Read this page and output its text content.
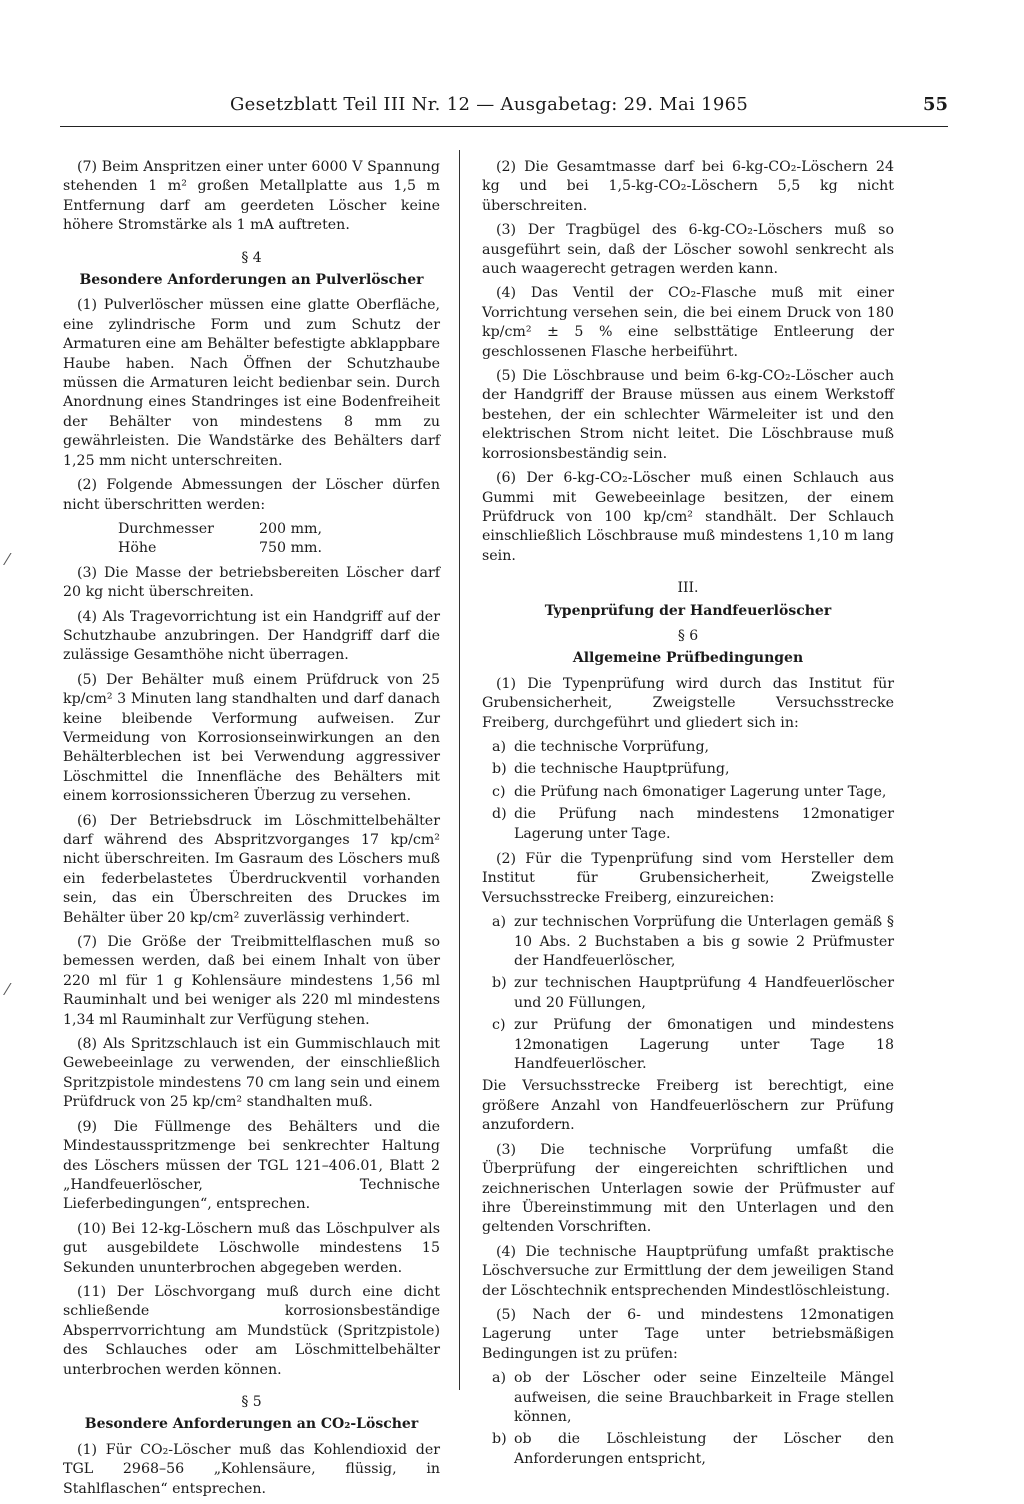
Gesetzblatt Teil III Nr. 12 — Ausgabetag: 29. Mai 1965	55
⁄
⁄

(7) Beim Anspritzen einer unter 6000 V Spannung stehenden 1 m² großen Metallplatte aus 1,5 m Entfernung darf am geerdeten Löscher keine höhere Stromstärke als 1 mA auftreten.

§ 4
Besondere Anforderungen an Pulverlöscher

(1) Pulverlöscher müssen eine glatte Oberfläche, eine zylindrische Form und zum Schutz der Armaturen eine am Behälter befestigte abklappbare Haube haben. Nach Öffnen der Schutzhaube müssen die Armaturen leicht bedienbar sein. Durch Anordnung eines Standringes ist eine Bodenfreiheit der Behälter von mindestens 8 mm zu gewährleisten. Die Wandstärke des Behälters darf 1,25 mm nicht unterschreiten.

(2) Folgende Abmessungen der Löscher dürfen nicht überschritten werden:

Durchmesser	200 mm,
Höhe	750 mm.

(3) Die Masse der betriebsbereiten Löscher darf 20 kg nicht überschreiten.

(4) Als Tragevorrichtung ist ein Handgriff auf der Schutzhaube anzubringen. Der Handgriff darf die zulässige Gesamthöhe nicht überragen.

(5) Der Behälter muß einem Prüfdruck von 25 kp/cm² 3 Minuten lang standhalten und darf danach keine bleibende Verformung aufweisen. Zur Vermeidung von Korrosionseinwirkungen an den Behälterblechen ist bei Verwendung aggressiver Löschmittel die Innenfläche des Behälters mit einem korrosionssicheren Überzug zu versehen.

(6) Der Betriebsdruck im Löschmittelbehälter darf während des Abspritzvorganges 17 kp/cm² nicht überschreiten. Im Gasraum des Löschers muß ein federbelastetes Überdruckventil vorhanden sein, das ein Überschreiten des Druckes im Behälter über 20 kp/cm² zuverlässig verhindert.

(7) Die Größe der Treibmittelflaschen muß so bemessen werden, daß bei einem Inhalt von über 220 ml für 1 g Kohlensäure mindestens 1,56 ml Rauminhalt und bei weniger als 220 ml mindestens 1,34 ml Rauminhalt zur Verfügung stehen.

(8) Als Spritzschlauch ist ein Gummischlauch mit Gewebeeinlage zu verwenden, der einschließlich Spritzpistole mindestens 70 cm lang sein und einem Prüfdruck von 25 kp/cm² standhalten muß.

(9) Die Füllmenge des Behälters und die Mindestausspritzmenge bei senkrechter Haltung des Löschers müssen der TGL 121–406.01, Blatt 2 „Handfeuerlöscher, Technische Lieferbedingungen“, entsprechen.

(10) Bei 12-kg-Löschern muß das Löschpulver als gut ausgebildete Löschwolle mindestens 15 Sekunden ununterbrochen abgegeben werden.

(11) Der Löschvorgang muß durch eine dicht schließende korrosionsbeständige Absperrvorrichtung am Mundstück (Spritzpistole) des Schlauches oder am Löschmittelbehälter unterbrochen werden können.

§ 5
Besondere Anforderungen an CO₂-Löscher

(1) Für CO₂-Löscher muß das Kohlendioxid der TGL 2968–56 „Kohlensäure, flüssig, in Stahlflaschen“ entsprechen.

(2) Die Gesamtmasse darf bei 6-kg-CO₂-Löschern 24 kg und bei 1,5-kg-CO₂-Löschern 5,5 kg nicht überschreiten.

(3) Der Tragbügel des 6-kg-CO₂-Löschers muß so ausgeführt sein, daß der Löscher sowohl senkrecht als auch waagerecht getragen werden kann.

(4) Das Ventil der CO₂-Flasche muß mit einer Vorrichtung versehen sein, die bei einem Druck von 180 kp/cm² ± 5 % eine selbsttätige Entleerung der geschlossenen Flasche herbeiführt.

(5) Die Löschbrause und beim 6-kg-CO₂-Löscher auch der Handgriff der Brause müssen aus einem Werkstoff bestehen, der ein schlechter Wärmeleiter ist und den elektrischen Strom nicht leitet. Die Löschbrause muß korrosionsbeständig sein.

(6) Der 6-kg-CO₂-Löscher muß einen Schlauch aus Gummi mit Gewebeeinlage besitzen, der einem Prüfdruck von 100 kp/cm² standhält. Der Schlauch einschließlich Löschbrause muß mindestens 1,10 m lang sein.

III.
Typenprüfung der Handfeuerlöscher
§ 6
Allgemeine Prüfbedingungen

(1) Die Typenprüfung wird durch das Institut für Grubensicherheit, Zweigstelle Versuchsstrecke Freiberg, durchgeführt und gliedert sich in:

a) die technische Vorprüfung,
b) die technische Hauptprüfung,
c) die Prüfung nach 6monatiger Lagerung unter Tage,
d) die Prüfung nach mindestens 12monatiger Lagerung unter Tage.

(2) Für die Typenprüfung sind vom Hersteller dem Institut für Grubensicherheit, Zweigstelle Versuchsstrecke Freiberg, einzureichen:

a) zur technischen Vorprüfung die Unterlagen gemäß § 10 Abs. 2 Buchstaben a bis g sowie 2 Prüfmuster der Handfeuerlöscher,
b) zur technischen Hauptprüfung 4 Handfeuerlöscher und 20 Füllungen,
c) zur Prüfung der 6monatigen und mindestens 12monatigen Lagerung unter Tage 18 Handfeuerlöscher.

Die Versuchsstrecke Freiberg ist berechtigt, eine größere Anzahl von Handfeuerlöschern zur Prüfung anzufordern.

(3) Die technische Vorprüfung umfaßt die Überprüfung der eingereichten schriftlichen und zeichnerischen Unterlagen sowie der Prüfmuster auf ihre Übereinstimmung mit den Unterlagen und den geltenden Vorschriften.

(4) Die technische Hauptprüfung umfaßt praktische Löschversuche zur Ermittlung der dem jeweiligen Stand der Löschtechnik entsprechenden Mindestlöschleistung.

(5) Nach der 6- und mindestens 12monatigen Lagerung unter Tage unter betriebsmäßigen Bedingungen ist zu prüfen:

a) ob der Löscher oder seine Einzelteile Mängel aufweisen, die seine Brauchbarkeit in Frage stellen können,
b) ob die Löschleistung der Löscher den Anforderungen entspricht,
